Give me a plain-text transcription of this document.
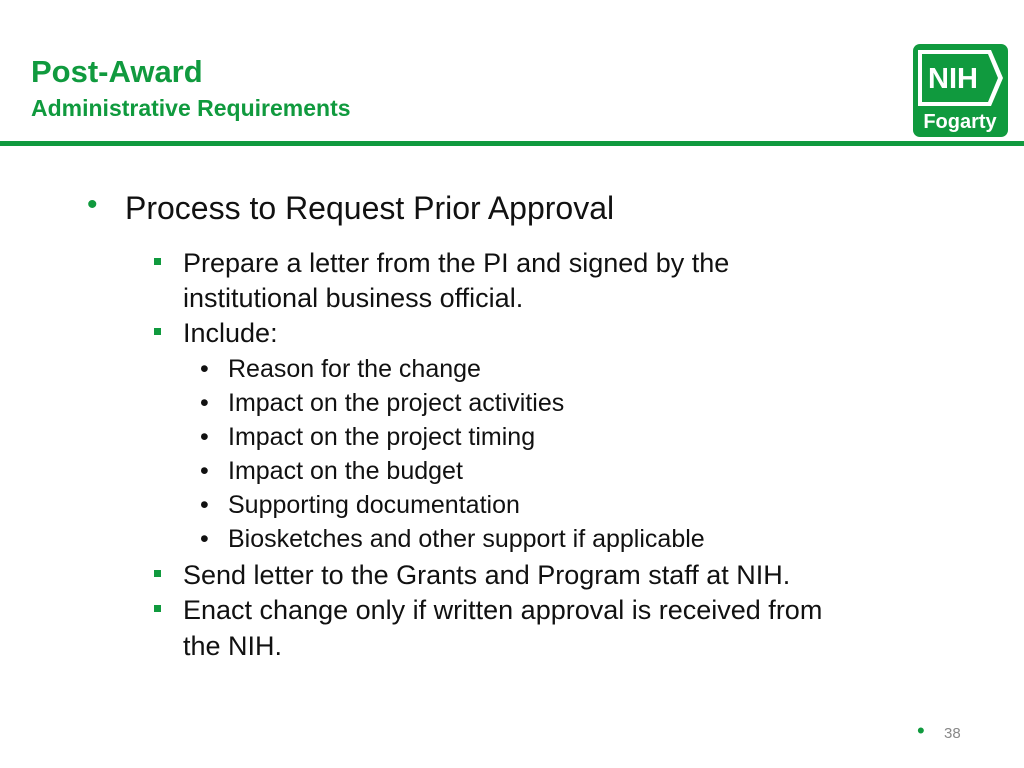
Post-Award
Administrative Requirements
NIH
Fogarty
• Process to Request Prior Approval
Prepare a letter from the PI and signed by the
institutional business official.
Include:
• Reason for the change
• Impact on the project activities
• Impact on the project timing
• Impact on the budget
• Supporting documentation
• Biosketches and other support if applicable
Send letter to the Grants and Program staff at NIH.
Enact change only if written approval is received from
the NIH.
• 38
